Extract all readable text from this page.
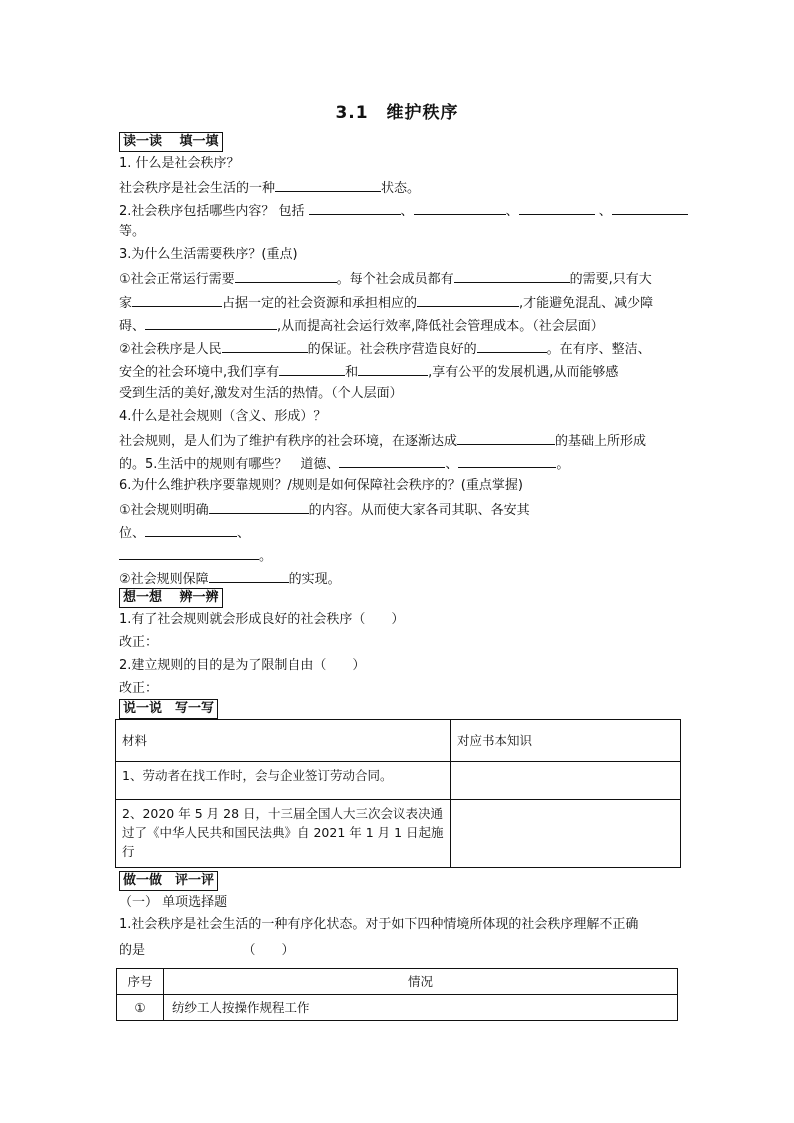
3.1　维护秩序
读一读　 填一填
1. 什么是社会秩序？
社会秩序是社会生活的一种	状态。
2.社会秩序包括哪些内容？ 包括	、	、	、
等。
3.为什么生活需要秩序？(重点)
①社会正常运行需要	。每个社会成员都有	的需要,只有大
家	占据一定的社会资源和承担相应的	,才能避免混乱、减少障
碍、	,从而提高社会运行效率,降低社会管理成本。（社会层面）
②社会秩序是人民	的保证。社会秩序营造良好的	。在有序、整洁、
安全的社会环境中,我们享有	和	,享有公平的发展机遇,从而能够感
受到生活的美好,激发对生活的热情。（个人层面）
4.什么是社会规则（含义、形成）？
社会规则，是人们为了维护有秩序的社会环境，在逐渐达成	的基础上所形成
的。5.生活中的规则有哪些？　道德、	、	。
6.为什么维护秩序要靠规则？/规则是如何保障社会秩序的？(重点掌握)
①社会规则明确	的内容。从而使大家各司其职、各安其
位、	、
。
②社会规则保障	的实现。
想一想　 辨一辨
1.有了社会规则就会形成良好的社会秩序（　　）
改正：
2.建立规则的目的是为了限制自由（　　）
改正：
说一说　写一写
材料	对应书本知识
1、劳动者在找工作时，会与企业签订劳动合同。	
2、2020 年 5 月 28 日，十三届全国人大三次会议表决通过了《中华人民共和国民法典》自 2021 年 1 月 1 日起施行	
做一做　评一评
（一） 单项选择题
1.社会秩序是社会生活的一种有序化状态。对于如下四种情境所体现的社会秩序理解不正确
的是　　　　　　　　（　　）
序号	情况
①	纺纱工人按操作规程工作
